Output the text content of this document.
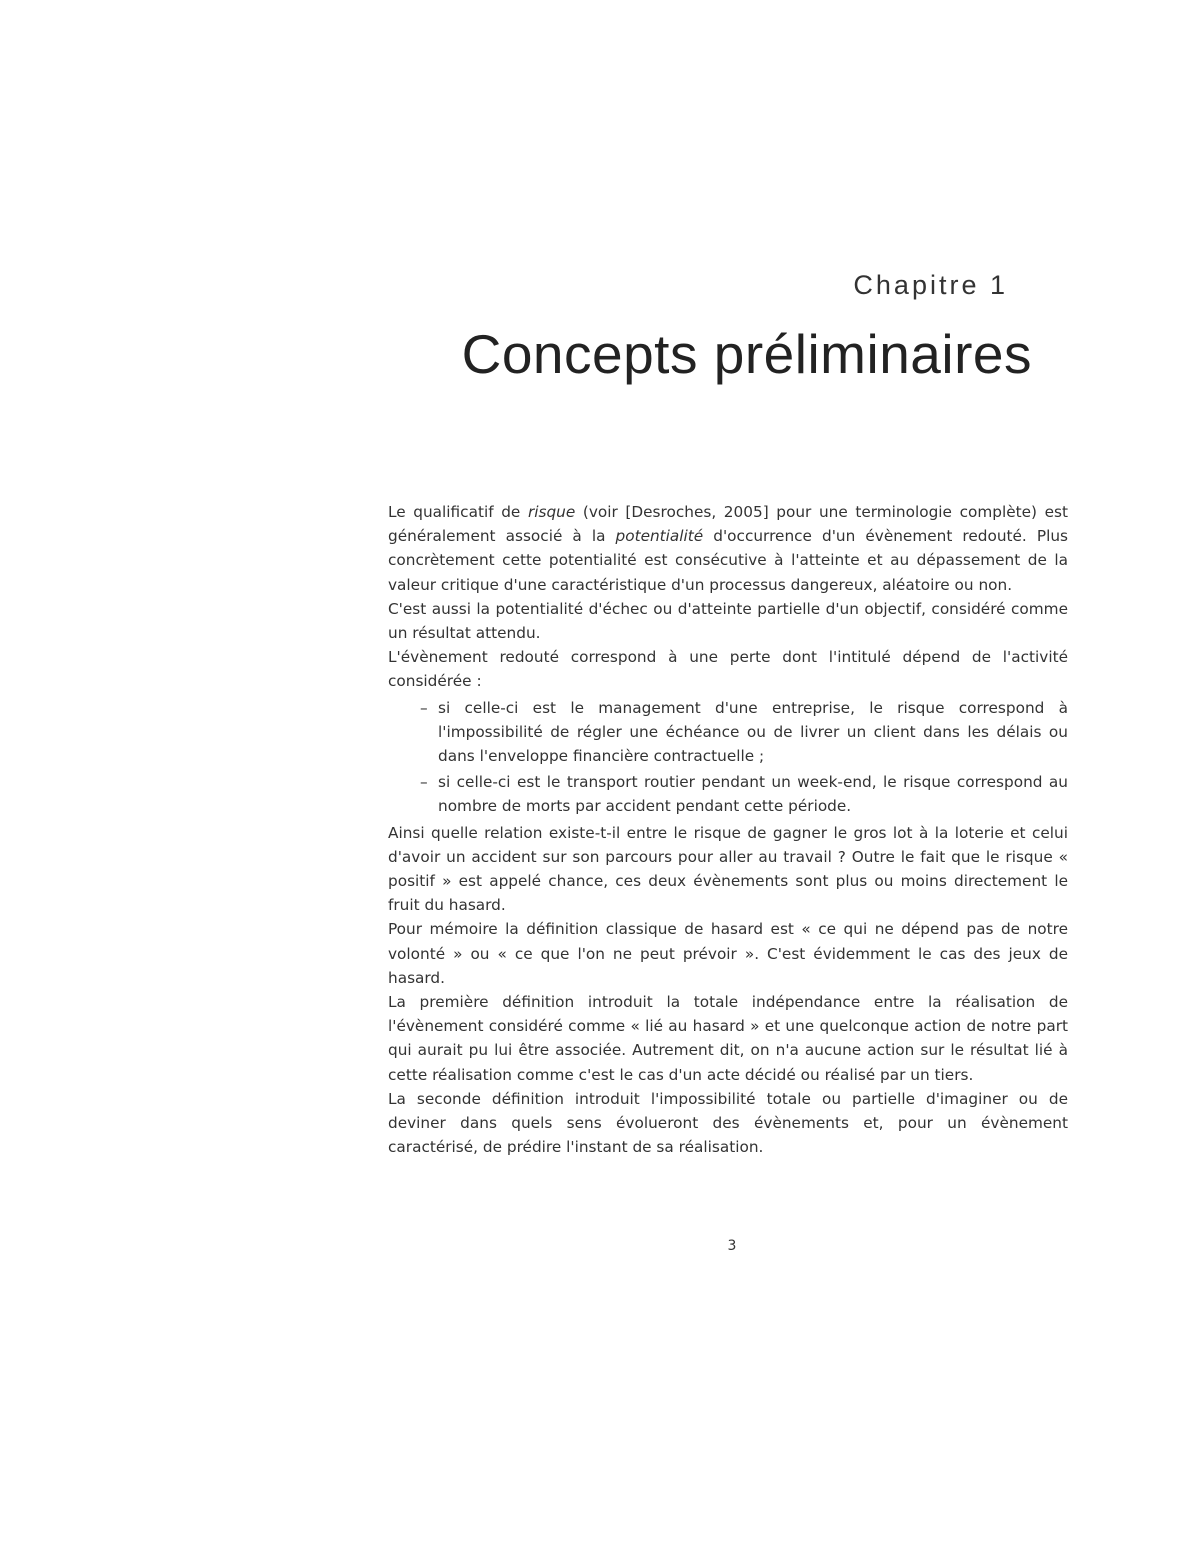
Chapitre 1
Concepts préliminaires

Le qualificatif de risque (voir [Desroches, 2005] pour une terminologie complète) est généralement associé à la potentialité d'occurrence d'un évènement redouté. Plus concrètement cette potentialité est consécutive à l'atteinte et au dépassement de la valeur critique d'une caractéristique d'un processus dangereux, aléatoire ou non.

C'est aussi la potentialité d'échec ou d'atteinte partielle d'un objectif, considéré comme un résultat attendu.

L'évènement redouté correspond à une perte dont l'intitulé dépend de l'activité considérée :

– si celle-ci est le management d'une entreprise, le risque correspond à l'impossibilité de régler une échéance ou de livrer un client dans les délais ou dans l'enveloppe financière contractuelle ;
– si celle-ci est le transport routier pendant un week-end, le risque correspond au nombre de morts par accident pendant cette période.

Ainsi quelle relation existe-t-il entre le risque de gagner le gros lot à la loterie et celui d'avoir un accident sur son parcours pour aller au travail ? Outre le fait que le risque « positif » est appelé chance, ces deux évènements sont plus ou moins directement le fruit du hasard.

Pour mémoire la définition classique de hasard est « ce qui ne dépend pas de notre volonté » ou « ce que l'on ne peut prévoir ». C'est évidemment le cas des jeux de hasard.

La première définition introduit la totale indépendance entre la réalisation de l'évènement considéré comme « lié au hasard » et une quelconque action de notre part qui aurait pu lui être associée. Autrement dit, on n'a aucune action sur le résultat lié à cette réalisation comme c'est le cas d'un acte décidé ou réalisé par un tiers.

La seconde définition introduit l'impossibilité totale ou partielle d'imaginer ou de deviner dans quels sens évolueront des évènements et, pour un évènement caractérisé, de prédire l'instant de sa réalisation.

3
